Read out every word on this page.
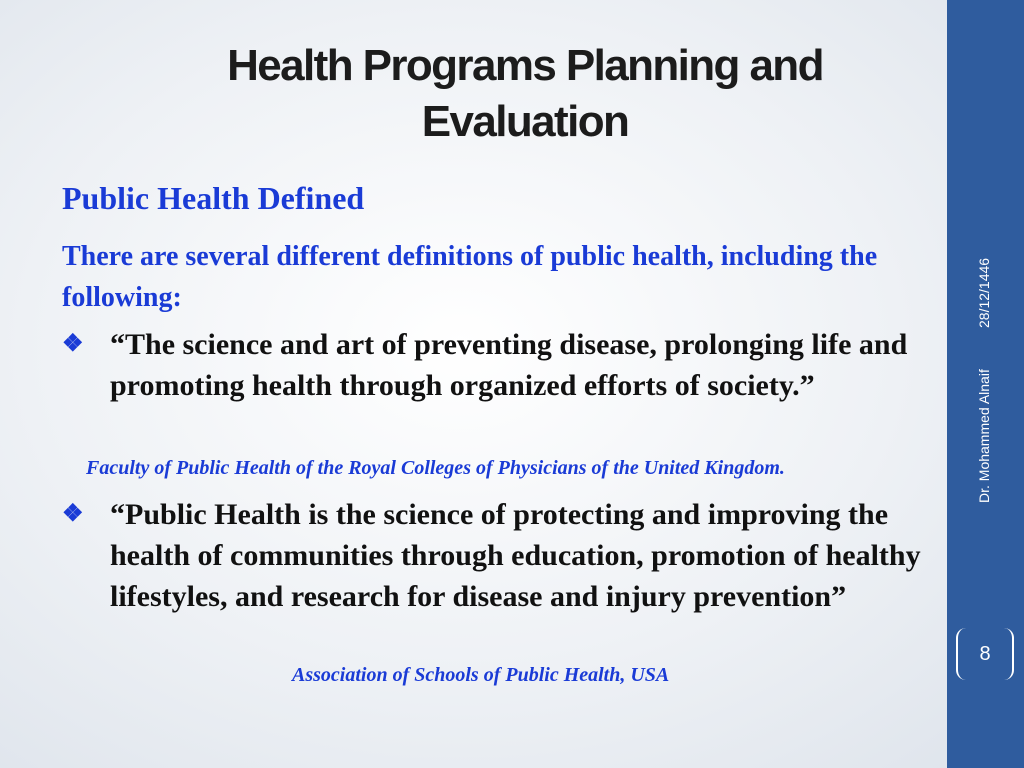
Health Programs Planning and
Evaluation

Public Health Defined

There are several different definitions of public health, including the following:

❖ “The science and art of preventing disease, prolonging life and promoting health through organized efforts of society.”

Faculty of Public Health of the Royal Colleges of Physicians of the United Kingdom.

❖ “Public Health is the science of protecting and improving the health of communities through education, promotion of healthy lifestyles, and research for disease and injury prevention”

Association of Schools of Public Health, USA

28/12/1446
Dr. Mohammed Alnaif
8
